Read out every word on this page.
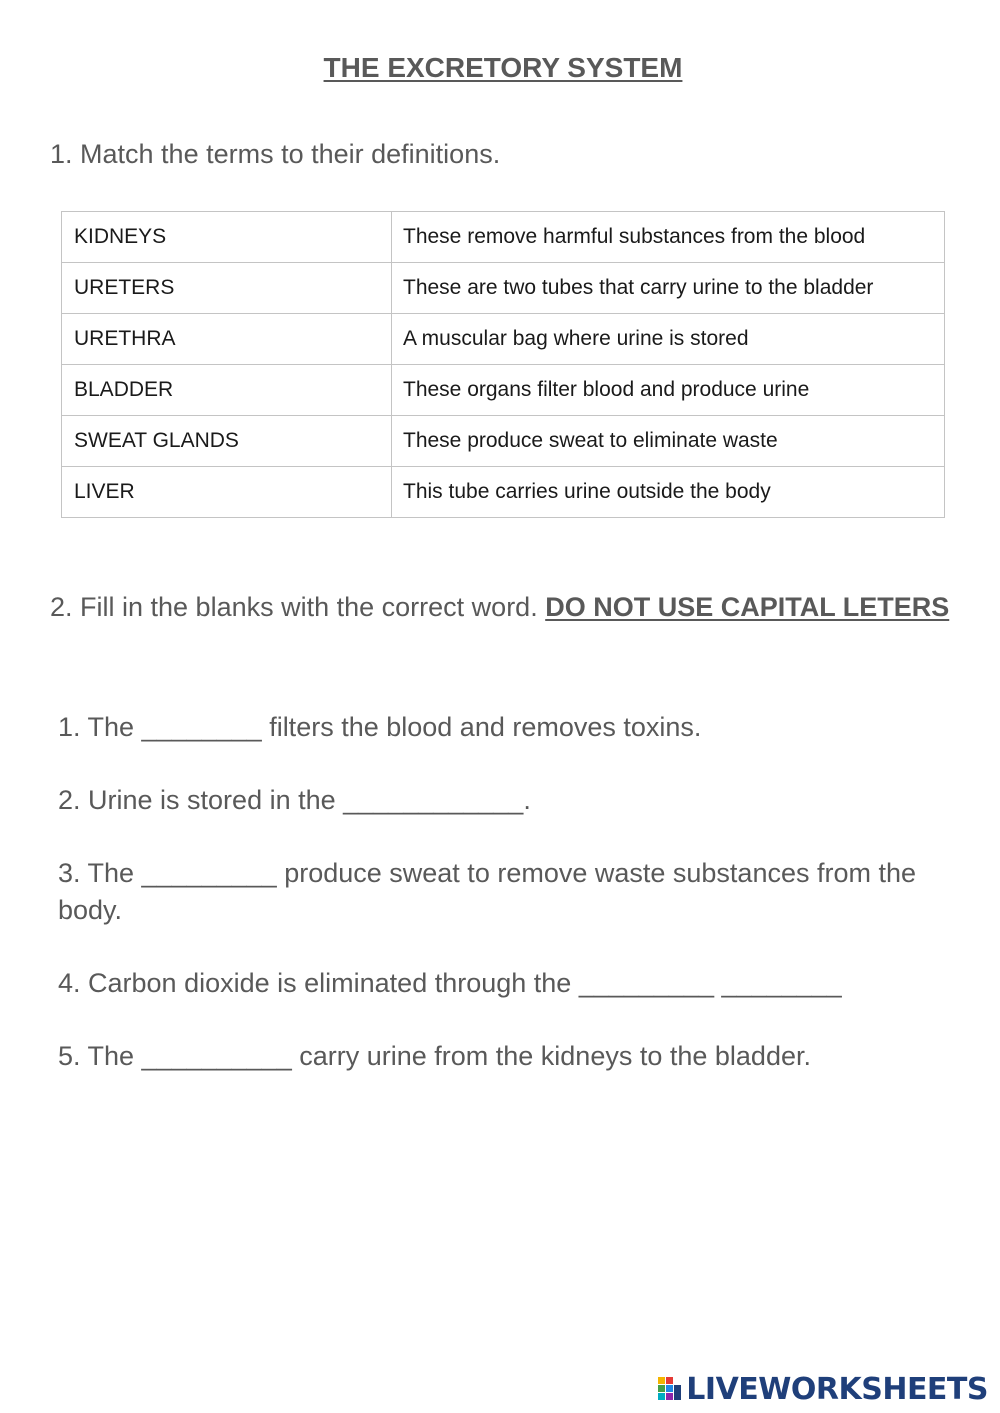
THE EXCRETORY SYSTEM
1. Match the terms to their definitions.
KIDNEYS	These remove harmful substances from the blood
URETERS	These are two tubes that carry urine to the bladder
URETHRA	A muscular bag where urine is stored
BLADDER	These organs filter blood and produce urine
SWEAT GLANDS	These produce sweat to eliminate waste
LIVER	This tube carries urine outside the body
2. Fill in the blanks with the correct word. DO NOT USE CAPITAL LETERS
1. The ________ filters the blood and removes toxins.
2. Urine is stored in the ____________.
3. The _________ produce sweat to remove waste substances from the body.
4. Carbon dioxide is eliminated through the _________ ________
5. The __________ carry urine from the kidneys to the bladder.
LIVEWORKSHEETS
